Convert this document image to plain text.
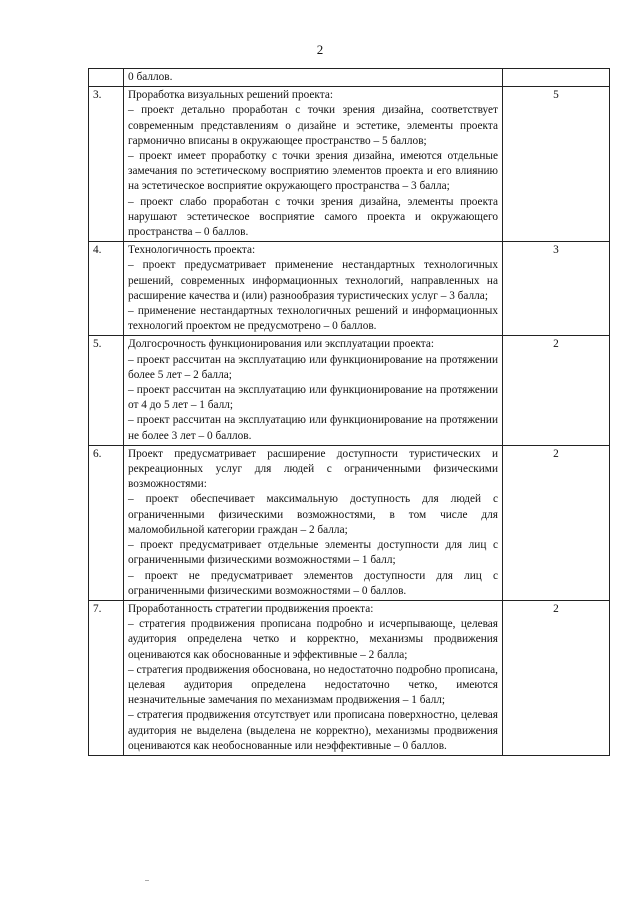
2

	0 баллов.	

3.	Проработка визуальных решений проекта:

– проект детально проработан с точки зрения дизайна, соответствует современным представлениям о дизайне и эстетике, элементы проекта гармонично вписаны в окружающее пространство – 5 баллов;

– проект имеет проработку с точки зрения дизайна, имеются отдельные замечания по эстетическому восприятию элементов проекта и его влиянию на эстетическое восприятие окружающего пространства – 3 балла;

– проект слабо проработан с точки зрения дизайна, элементы проекта нарушают эстетическое восприятие самого проекта и окружающего пространства – 0 баллов.	5
4.	Технологичность проекта:

– проект предусматривает применение нестандартных технологичных решений, современных информационных технологий, направленных на расширение качества и (или) разнообразия туристических услуг – 3 балла;

– применение нестандартных технологичных решений и информационных технологий проектом не предусмотрено – 0 баллов.	3
5.	Долгосрочность функционирования или эксплуатации проекта:

– проект рассчитан на эксплуатацию или функционирование на протяжении более 5 лет – 2 балла;

– проект рассчитан на эксплуатацию или функционирование на протяжении от 4 до 5 лет – 1 балл;

– проект рассчитан на эксплуатацию или функционирование на протяжении не более 3 лет – 0 баллов.	2
6.	Проект предусматривает расширение доступности туристических и рекреационных услуг для людей с ограниченными физическими возможностями:

– проект обеспечивает максимальную доступность для людей с ограниченными физическими возможностями, в том числе для маломобильной категории граждан – 2 балла;

– проект предусматривает отдельные элементы доступности для лиц с ограниченными физическими возможностями – 1 балл;

– проект не предусматривает элементов доступности для лиц с ограниченными физическими возможностями – 0 баллов.	2
7.	Проработанность стратегии продвижения проекта:

– стратегия продвижения прописана подробно и исчерпывающе, целевая аудитория определена четко и корректно, механизмы продвижения оцениваются как обоснованные и эффективные – 2 балла;

– стратегия продвижения обоснована, но недостаточно подробно прописана, целевая аудитория определена недостаточно четко, имеются незначительные замечания по механизмам продвижения – 1 балл;

– стратегия продвижения отсутствует или прописана поверхностно, целевая аудитория не выделена (выделена не корректно), механизмы продвижения оцениваются как необоснованные или неэффективные – 0 баллов.	2
